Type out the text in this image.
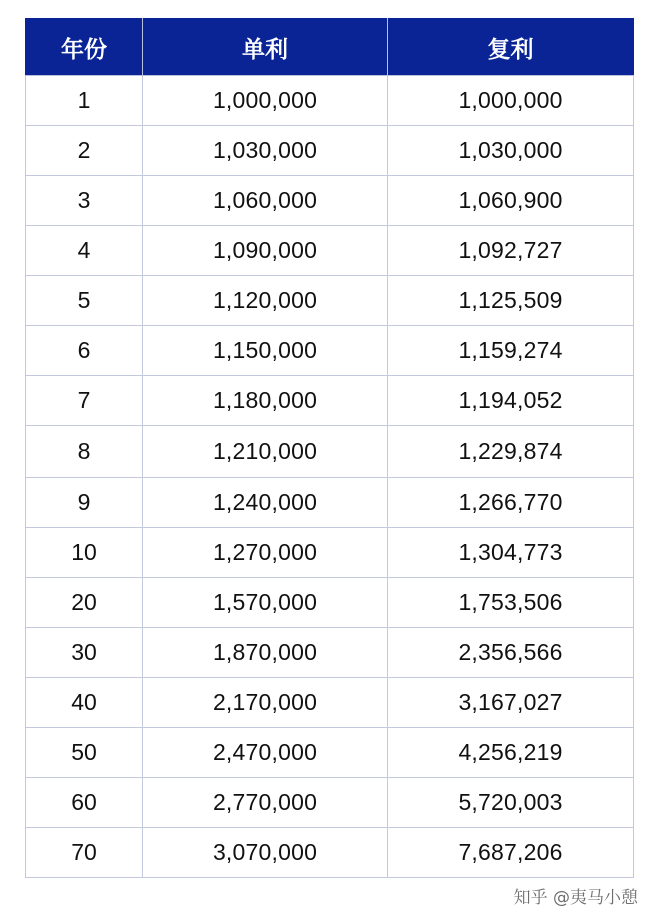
年份	单利	复利
1	1,000,000	1,000,000
2	1,030,000	1,030,000
3	1,060,000	1,060,900
4	1,090,000	1,092,727
5	1,120,000	1,125,509
6	1,150,000	1,159,274
7	1,180,000	1,194,052
8	1,210,000	1,229,874
9	1,240,000	1,266,770
10	1,270,000	1,304,773
20	1,570,000	1,753,506
30	1,870,000	2,356,566
40	2,170,000	3,167,027
50	2,470,000	4,256,219
60	2,770,000	5,720,003
70	3,070,000	7,687,206
知乎 @夷马小憩
